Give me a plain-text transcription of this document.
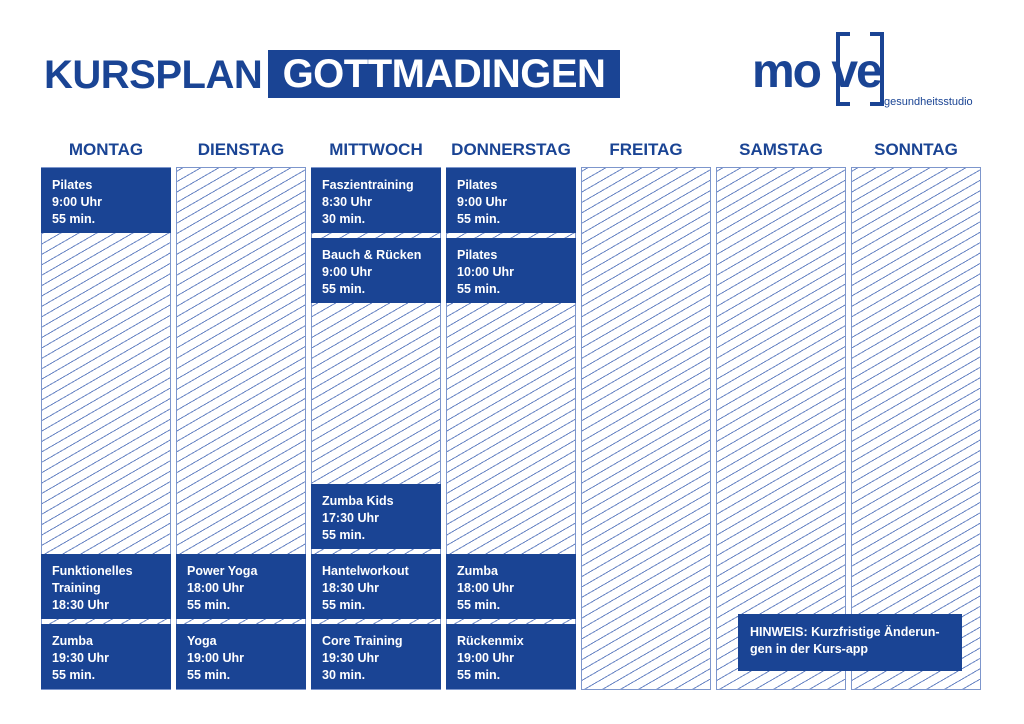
KURSPLAN GOTTMADINGEN	mo ve
gesundheitsstudio
MONTAG	DIENSTAG	MITTWOCH	DONNERSTAG	FREITAG	SAMSTAG	SONNTAG
Pilates
9:00 Uhr
55 min.
Funktionelles
Training
18:30 Uhr
Zumba
19:30 Uhr
55 min.
Power Yoga
18:00 Uhr
55 min.
Yoga
19:00 Uhr
55 min.
Faszientraining
8:30 Uhr
30 min.
Bauch & Rücken
9:00 Uhr
55 min.
Zumba Kids
17:30 Uhr
55 min.
Hantelworkout
18:30 Uhr
55 min.
Core Training
19:30 Uhr
30 min.
Pilates
9:00 Uhr
55 min.
Pilates
10:00 Uhr
55 min.
Zumba
18:00 Uhr
55 min.
Rückenmix
19:00 Uhr
55 min.
HINWEIS: Kurzfristige Änderun-
gen in der Kurs-app
